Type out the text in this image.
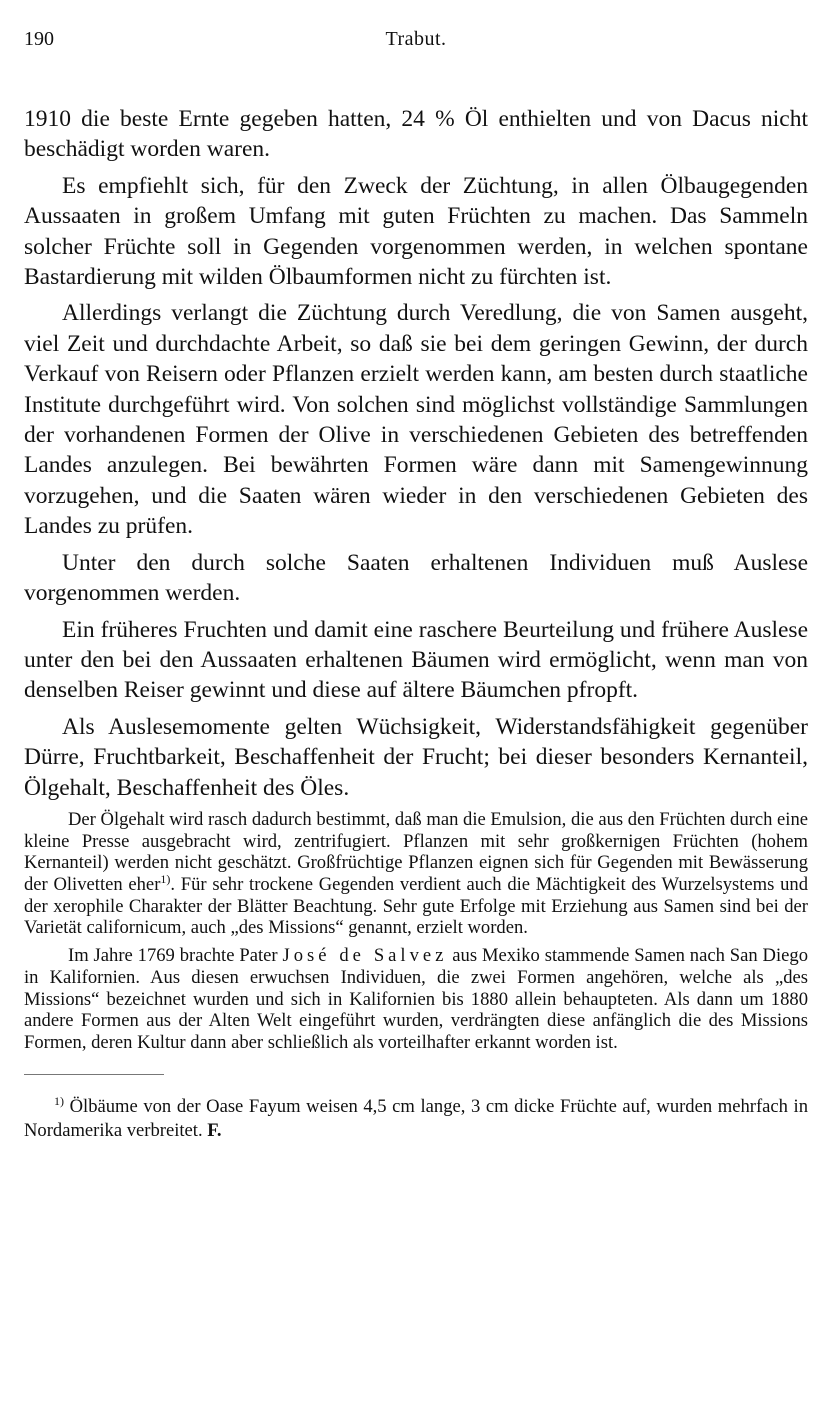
190	Trabut.

1910 die beste Ernte gegeben hatten, 24 % Öl enthielten und von Dacus nicht beschädigt worden waren.

Es empfiehlt sich, für den Zweck der Züchtung, in allen Ölbaugegenden Aussaaten in großem Umfang mit guten Früchten zu machen. Das Sammeln solcher Früchte soll in Gegenden vorgenommen werden, in welchen spontane Bastardierung mit wilden Ölbaumformen nicht zu fürchten ist.

Allerdings verlangt die Züchtung durch Veredlung, die von Samen ausgeht, viel Zeit und durchdachte Arbeit, so daß sie bei dem geringen Gewinn, der durch Verkauf von Reisern oder Pflanzen erzielt werden kann, am besten durch staatliche Institute durchgeführt wird. Von solchen sind möglichst vollständige Sammlungen der vorhandenen Formen der Olive in verschiedenen Gebieten des betreffenden Landes anzulegen. Bei bewährten Formen wäre dann mit Samengewinnung vorzugehen, und die Saaten wären wieder in den verschiedenen Gebieten des Landes zu prüfen.

Unter den durch solche Saaten erhaltenen Individuen muß Auslese vorgenommen werden.

Ein früheres Fruchten und damit eine raschere Beurteilung und frühere Auslese unter den bei den Aussaaten erhaltenen Bäumen wird ermöglicht, wenn man von denselben Reiser gewinnt und diese auf ältere Bäumchen pfropft.

Als Auslesemomente gelten Wüchsigkeit, Widerstandsfähigkeit gegenüber Dürre, Fruchtbarkeit, Beschaffenheit der Frucht; bei dieser besonders Kernanteil, Ölgehalt, Beschaffenheit des Öles.

Der Ölgehalt wird rasch dadurch bestimmt, daß man die Emulsion, die aus den Früchten durch eine kleine Presse ausgebracht wird, zentrifugiert. Pflanzen mit sehr großkernigen Früchten (hohem Kernanteil) werden nicht geschätzt. Großfrüchtige Pflanzen eignen sich für Gegenden mit Bewässerung der Olivetten eher$^{1)}$. Für sehr trockene Gegenden verdient auch die Mächtigkeit des Wurzelsystems und der xerophile Charakter der Blätter Beachtung. Sehr gute Erfolge mit Erziehung aus Samen sind bei der Varietät californicum, auch „des Missions“ genannt, erzielt worden.

Im Jahre 1769 brachte Pater José de Salvez aus Mexiko stammende Samen nach San Diego in Kalifornien. Aus diesen erwuchsen Individuen, die zwei Formen angehören, welche als „des Missions“ bezeichnet wurden und sich in Kalifornien bis 1880 allein behaupteten. Als dann um 1880 andere Formen aus der Alten Welt eingeführt wurden, verdrängten diese anfänglich die des Missions Formen, deren Kultur dann aber schließlich als vorteilhafter erkannt worden ist.

$^{1)}$ Ölbäume von der Oase Fayum weisen 4,5 cm lange, 3 cm dicke Früchte auf, wurden mehrfach in Nordamerika verbreitet. F.
